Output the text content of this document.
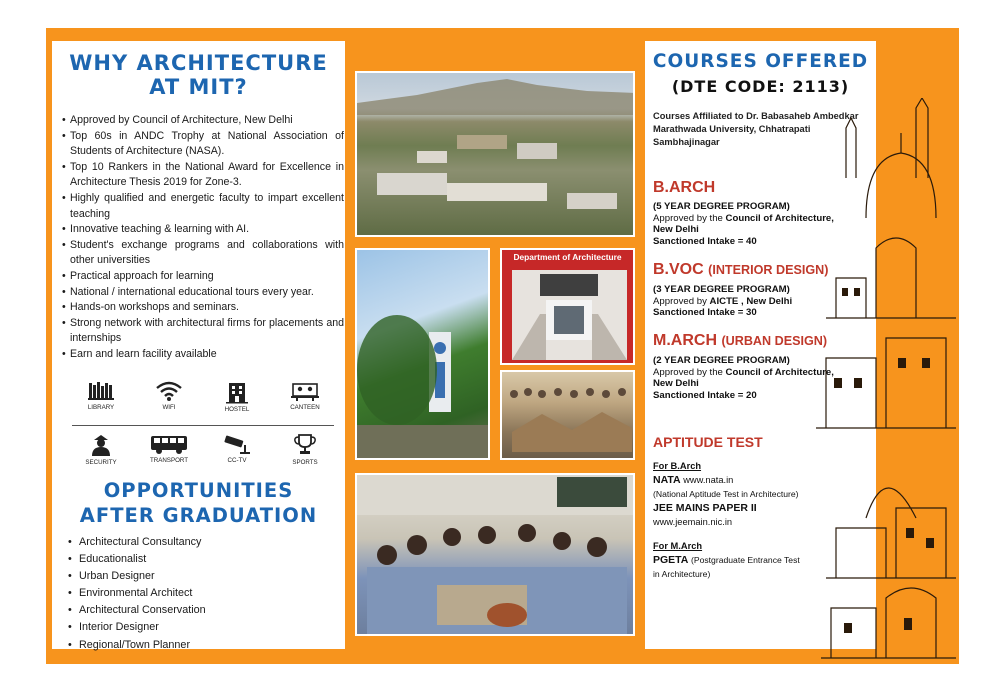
WHY ARCHITECTURE
AT MIT?
• Approved by Council of Architecture, New Delhi
• Top 60s in ANDC Trophy at National Association of Students of Architecture (NASA).
• Top 10 Rankers in the National Award for Excellence in Architecture Thesis 2019 for Zone-3.
• Highly qualified and energetic faculty to impart excellent teaching
• Innovative teaching & learning with AI.
• Student's exchange programs and collaborations with other universities
• Practical approach for learning
• National / international educational tours every year.
• Hands-on workshops and seminars.
• Strong network with architectural firms for placements and internships
• Earn and learn facility available
LIBRARY	WIFI	HOSTEL	CANTEEN
SECURITY	TRANSPORT	CC-TV	SPORTS
OPPORTUNITIES
AFTER GRADUATION
• Architectural Consultancy
• Educationalist
• Urban Designer
• Environmental Architect
• Architectural Conservation
• Interior Designer
• Regional/Town Planner
Department of Architecture
COURSES OFFERED
(DTE CODE: 2113)
Courses Affiliated to Dr. Babasaheb Ambedkar Marathwada University, Chhatrapati Sambhajinagar
B.ARCH
(5 YEAR DEGREE PROGRAM)
Approved by the Council of Architecture,
New Delhi
Sanctioned Intake = 40
B.VOC (INTERIOR DESIGN)
(3 YEAR DEGREE PROGRAM)
Approved by AICTE , New Delhi
Sanctioned Intake = 30
M.ARCH (URBAN DESIGN)
(2 YEAR DEGREE PROGRAM)
Approved by the Council of Architecture,
New Delhi
Sanctioned Intake = 20
APTITUDE TEST
For B.Arch
NATA www.nata.in
(National Aptitude Test in Architecture)
JEE MAINS PAPER II
www.jeemain.nic.in
For M.Arch
PGETA (Postgraduate Entrance Test
in Architecture)
